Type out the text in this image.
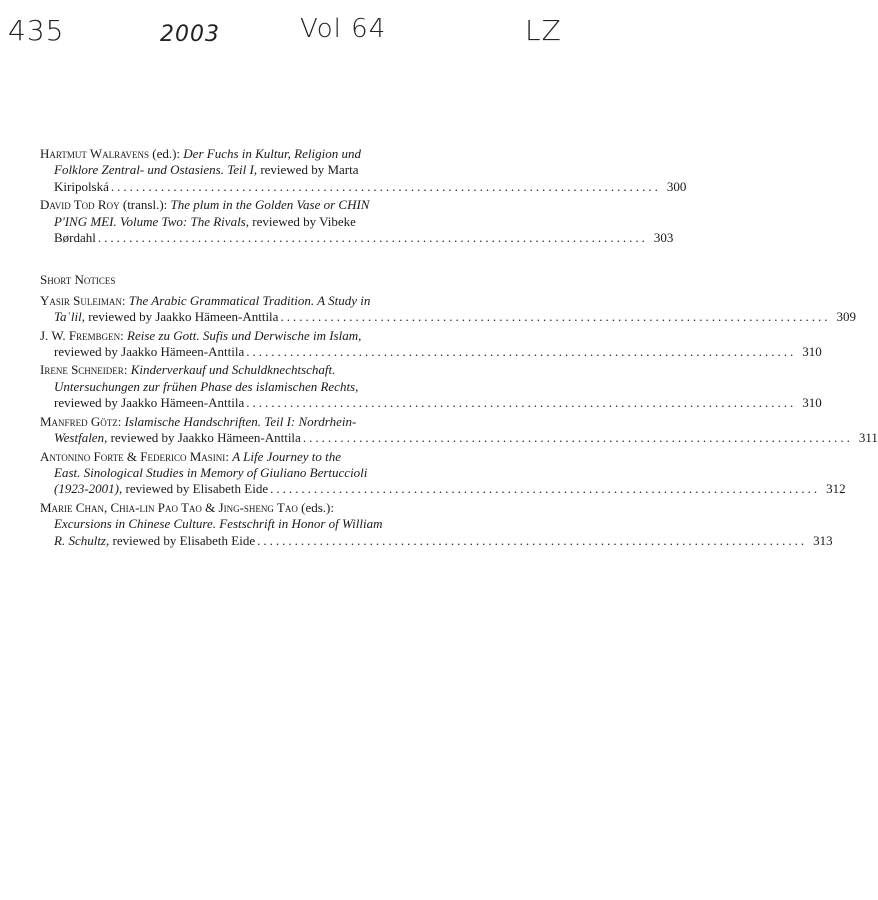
435	2003	Vol 64	LZ
Hartmut Walravens (ed.): Der Fuchs in Kultur, Religion und
Folklore Zentral- und Ostasiens. Teil I, reviewed by Marta
Kiripolská ........................................................................................ 300
David Tod Roy (transl.): The plum in the Golden Vase or CHIN
P'ING MEI. Volume Two: The Rivals, reviewed by Vibeke
Børdahl ........................................................................................ 303
Short Notices
Yasir Suleiman: The Arabic Grammatical Tradition. A Study in
Taʿlil, reviewed by Jaakko Hämeen-Anttila ........................................................................................ 309
J. W. Frembgen: Reise zu Gott. Sufis und Derwische im Islam,
reviewed by Jaakko Hämeen-Anttila ........................................................................................ 310
Irene Schneider: Kinderverkauf und Schuldknechtschaft.
Untersuchungen zur frühen Phase des islamischen Rechts,
reviewed by Jaakko Hämeen-Anttila ........................................................................................ 310
Manfred Götz: Islamische Handschriften. Teil I: Nordrhein-
Westfalen, reviewed by Jaakko Hämeen-Anttila ........................................................................................ 311
Antonino Forte & Federico Masini: A Life Journey to the
East. Sinological Studies in Memory of Giuliano Bertuccioli
(1923-2001), reviewed by Elisabeth Eide ........................................................................................ 312
Marie Chan, Chia-lin Pao Tao & Jing-sheng Tao (eds.):
Excursions in Chinese Culture. Festschrift in Honor of William
R. Schultz, reviewed by Elisabeth Eide ........................................................................................ 313
